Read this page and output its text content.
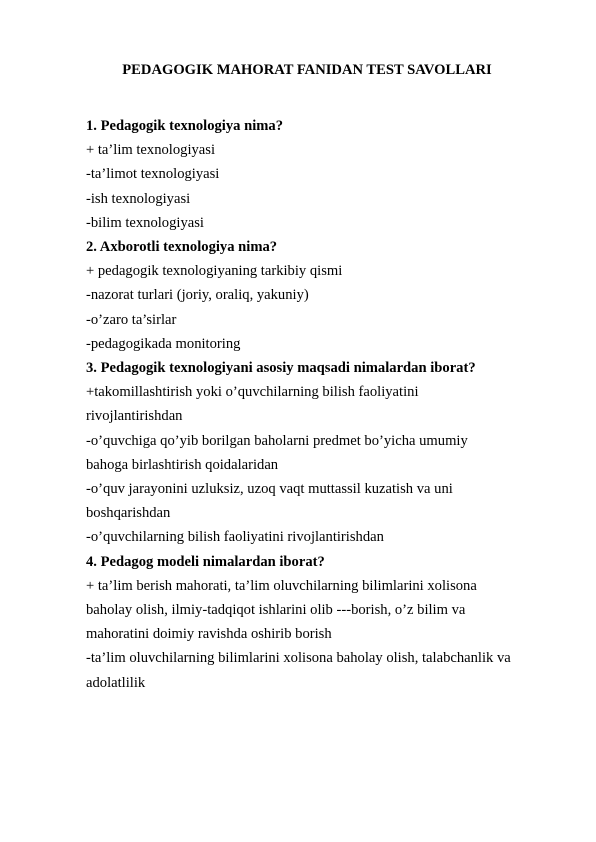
PEDAGOGIK MAHORAT FANIDAN TEST SAVOLLARI

1. Pedagogik texnologiya nima?

+ ta’lim texnologiyasi

-ta’limot texnologiyasi

-ish texnologiyasi

-bilim texnologiyasi

2. Axborotli texnologiya nima?

+ pedagogik texnologiyaning tarkibiy qismi

-nazorat turlari (joriy, oraliq, yakuniy)

-o’zaro ta’sirlar

-pedagogikada monitoring

3. Pedagogik texnologiyani asosiy maqsadi nimalardan iborat?

+takomillashtirish yoki o’quvchilarning bilish faoliyatini

rivojlantirishdan

-o’quvchiga qo’yib borilgan baholarni predmet bo’yicha umumiy

bahoga birlashtirish qoidalaridan

-o’quv jarayonini uzluksiz, uzoq vaqt muttassil kuzatish va uni

boshqarishdan

-o’quvchilarning bilish faoliyatini rivojlantirishdan

4. Pedagog modeli nimalardan iborat?

+ ta’lim berish mahorati, ta’lim oluvchilarning bilimlarini xolisona

baholay olish, ilmiy-tadqiqot ishlarini olib ---borish, o’z bilim va

mahoratini doimiy ravishda oshirib borish

-ta’lim oluvchilarning bilimlarini xolisona baholay olish, talabchanlik va

adolatlilik
